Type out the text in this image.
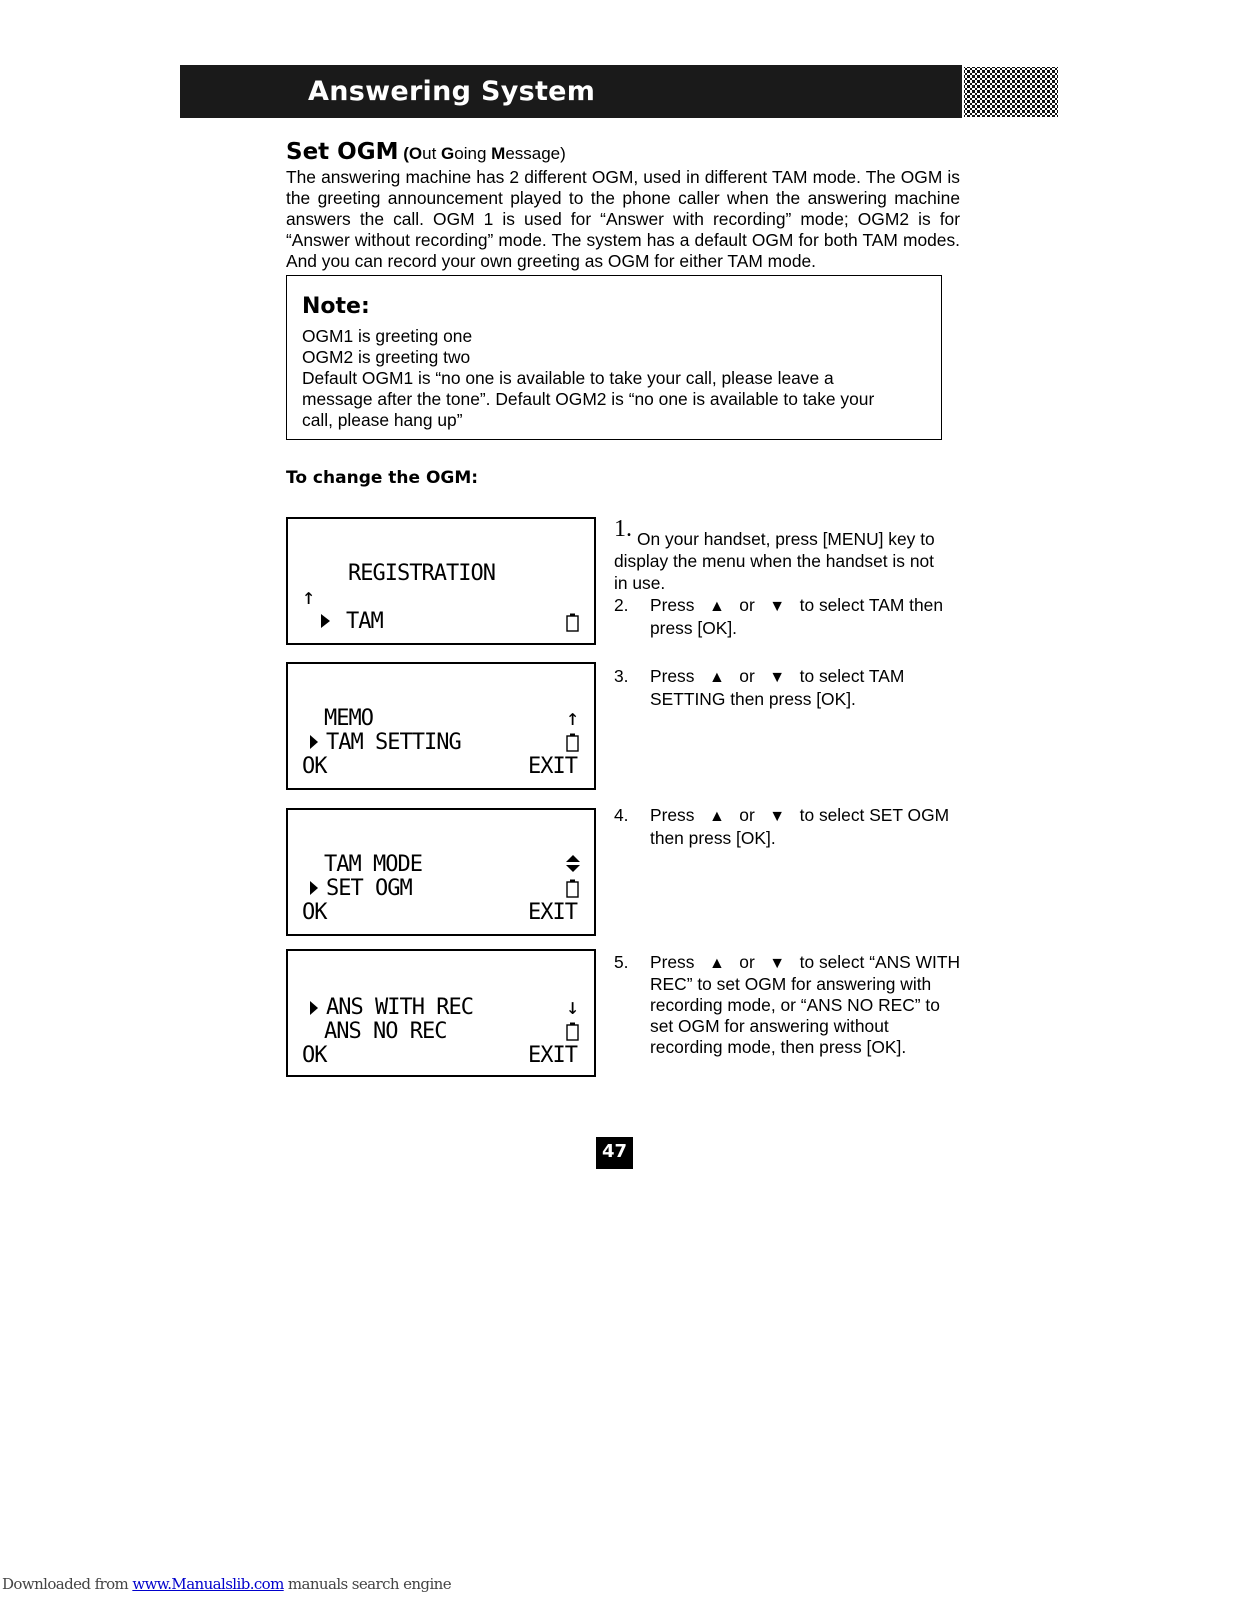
Answering System
Set OGM (Out Going Message)
The answering machine has 2 different OGM, used in different TAM mode. The OGM is the greeting announcement played to the phone caller when the answering machine answers the call. OGM 1 is used for “Answer with recording” mode; OGM2 is for “Answer without recording” mode. The system has a default OGM for both TAM modes. And you can record your own greeting as OGM for either TAM mode.
Note:
OGM1 is greeting one
OGM2 is greeting two
Default OGM1 is “no one is available to take your call, please leave a
message after the tone”. Default OGM2 is “no one is available to take your
call, please hang up”
To change the OGM:
REGISTRATION
↑
TAM
MEMO	↑
TAM SETTING
OK	EXIT
TAM MODE
SET OGM
OK	EXIT
ANS WITH REC	↓
ANS NO REC
OK	EXIT
1. On your handset, press [MENU] key to
display the menu when the handset is not
in use.
2. Press ▲ or ▼ to select TAM then
press [OK].
3. Press ▲ or ▼ to select TAM
SETTING then press [OK].
4. Press ▲ or ▼ to select SET OGM
then press [OK].
5. Press ▲ or ▼ to select “ANS WITH
REC” to set OGM for answering with
recording mode, or “ANS NO REC” to
set OGM for answering without
recording mode, then press [OK].
47
Downloaded from www.Manualslib.com manuals search engine
